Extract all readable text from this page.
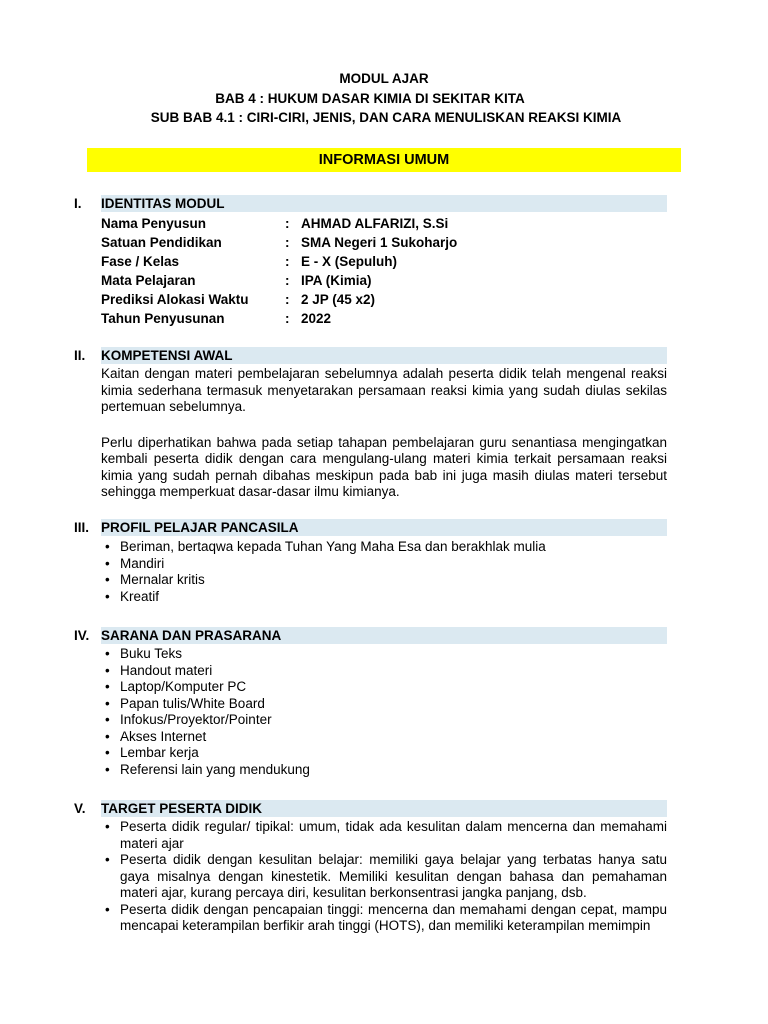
MODUL AJAR
BAB 4 : HUKUM DASAR KIMIA DI SEKITAR KITA
SUB BAB 4.1 : CIRI-CIRI, JENIS, DAN CARA MENULISKAN REAKSI KIMIA
INFORMASI UMUM
I. IDENTITAS MODUL
Nama Penyusun	: AHMAD ALFARIZI, S.Si
Satuan Pendidikan	: SMA Negeri 1 Sukoharjo
Fase / Kelas	: E - X (Sepuluh)
Mata Pelajaran	: IPA (Kimia)
Prediksi Alokasi Waktu	: 2 JP (45 x2)
Tahun Penyusunan	: 2022
II. KOMPETENSI AWAL
Kaitan dengan materi pembelajaran sebelumnya adalah peserta didik telah mengenal reaksi kimia sederhana termasuk menyetarakan persamaan reaksi kimia yang sudah diulas sekilas pertemuan sebelumnya.
Perlu diperhatikan bahwa pada setiap tahapan pembelajaran guru senantiasa mengingatkan kembali peserta didik dengan cara mengulang-ulang materi kimia terkait persamaan reaksi kimia yang sudah pernah dibahas meskipun pada bab ini juga masih diulas materi tersebut sehingga memperkuat dasar-dasar ilmu kimianya.
III. PROFIL PELAJAR PANCASILA
• Beriman, bertaqwa kepada Tuhan Yang Maha Esa dan berakhlak mulia
• Mandiri
• Mernalar kritis
• Kreatif
IV. SARANA DAN PRASARANA
• Buku Teks
• Handout materi
• Laptop/Komputer PC
• Papan tulis/White Board
• Infokus/Proyektor/Pointer
• Akses Internet
• Lembar kerja
• Referensi lain yang mendukung
V. TARGET PESERTA DIDIK
• Peserta didik regular/ tipikal: umum, tidak ada kesulitan dalam mencerna dan memahami materi ajar
• Peserta didik dengan kesulitan belajar: memiliki gaya belajar yang terbatas hanya satu gaya misalnya dengan kinestetik. Memiliki kesulitan dengan bahasa dan pemahaman materi ajar, kurang percaya diri, kesulitan berkonsentrasi jangka panjang, dsb.
• Peserta didik dengan pencapaian tinggi: mencerna dan memahami dengan cepat, mampu mencapai keterampilan berfikir arah tinggi (HOTS), dan memiliki keterampilan memimpin
